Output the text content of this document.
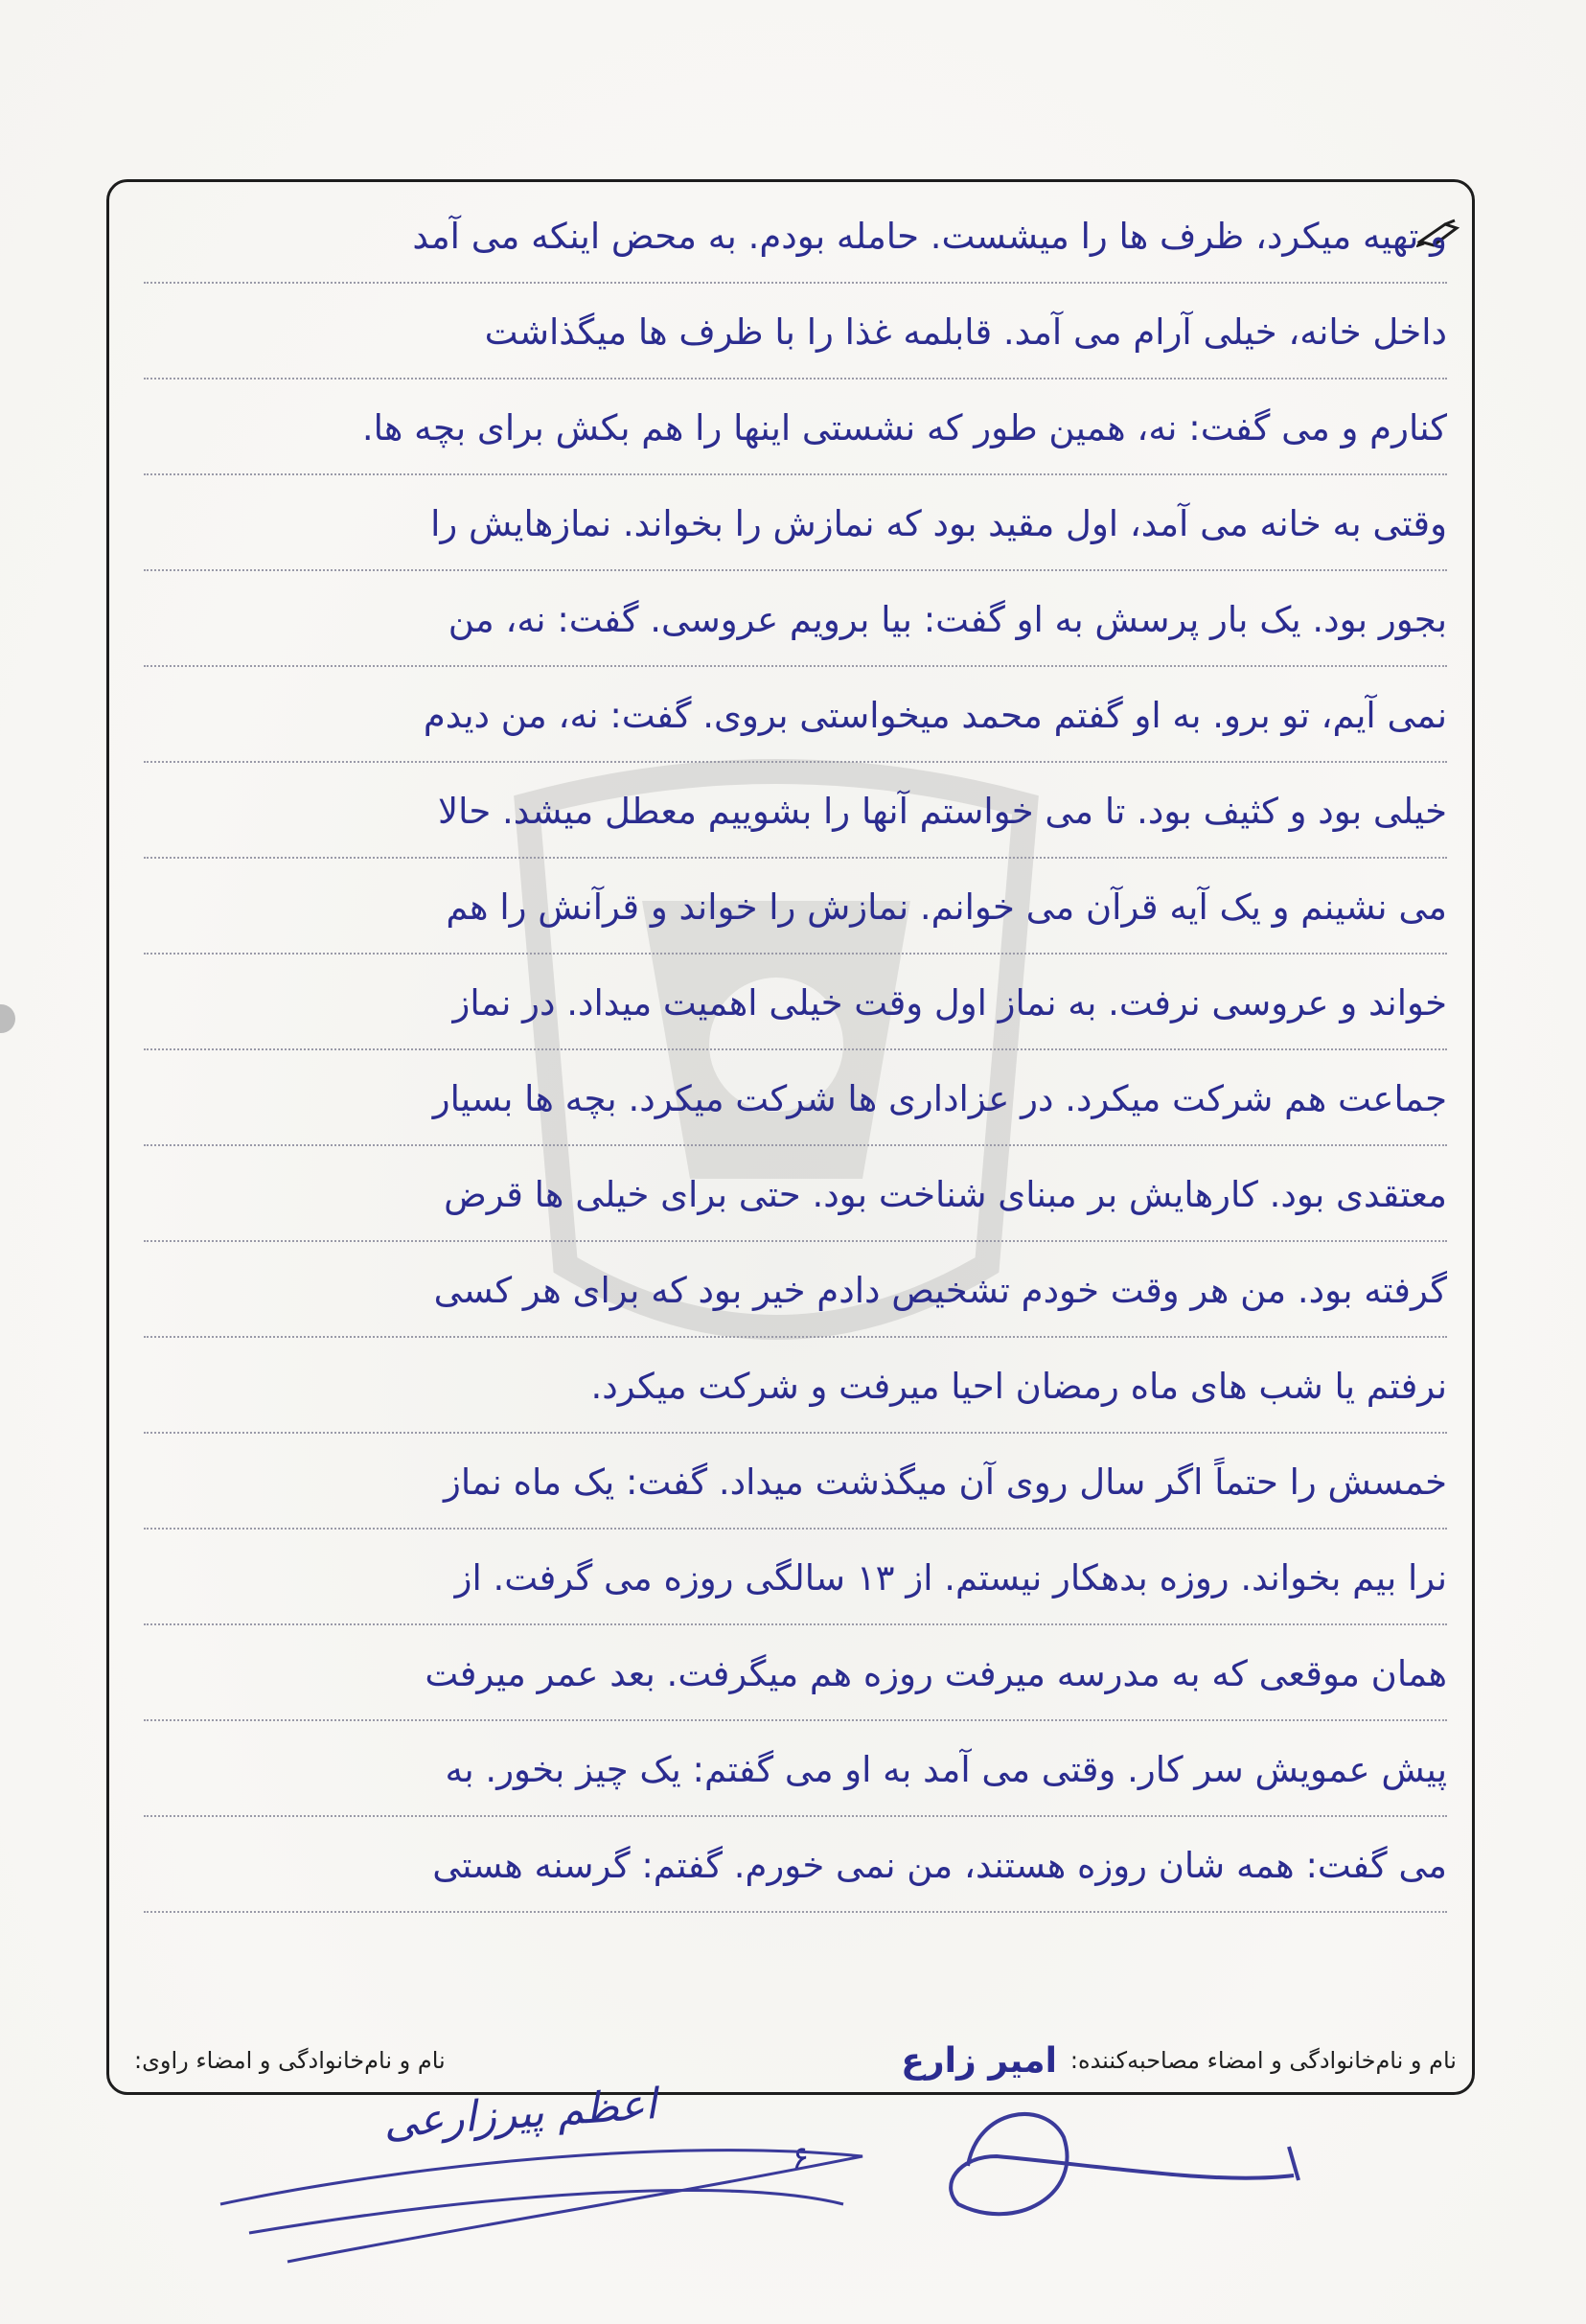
و تهیه میکرد، ظرف ها را میشست. حامله بودم. به محض اینکه می آمد
داخل خانه، خیلی آرام می آمد. قابلمه غذا را با ظرف ها میگذاشت
کنارم و می گفت: نه، همین طور که نشستی اینها را هم بکش برای بچه ها.
وقتی به خانه می آمد، اول مقید بود که نمازش را بخواند. نمازهایش را
بجور بود. یک بار پرسش به او گفت: بیا برویم عروسی. گفت: نه، من
نمی آیم، تو برو. به او گفتم محمد میخواستی بروی. گفت: نه، من دیدم
خیلی بود و کثیف بود. تا می خواستم آنها را بشوییم معطل میشد. حالا
می نشینم و یک آیه قرآن می خوانم. نمازش را خواند و قرآنش را هم
خواند و عروسی نرفت. به نماز اول وقت خیلی اهمیت میداد. در نماز
جماعت هم شرکت میکرد. در عزاداری ها شرکت میکرد. بچه ها بسیار
معتقدی بود. کارهایش بر مبنای شناخت بود. حتی برای خیلی ها قرض
گرفته بود. من هر وقت خودم تشخیص دادم خیر بود که برای هر کسی
نرفتم یا شب های ماه رمضان احیا میرفت و شرکت میکرد.
خمسش را حتماً اگر سال روی آن میگذشت میداد. گفت: یک ماه نماز
نرا بیم بخواند. روزه بدهکار نیستم. از ۱۳ سالگی روزه می گرفت. از
همان موقعی که به مدرسه میرفت روزه هم میگرفت. بعد عمر میرفت
پیش عمویش سر کار. وقتی می آمد به او می گفتم: یک چیز بخور. به
می گفت: همه شان روزه هستند، من نمی خورم. گفتم: گرسنه هستی
نام و نام‌خانوادگی و امضاء مصاحبه‌کننده:
امیر زارع
نام و نام‌خانوادگی و امضاء راوی:
اعظم پیرزارعی
۶
